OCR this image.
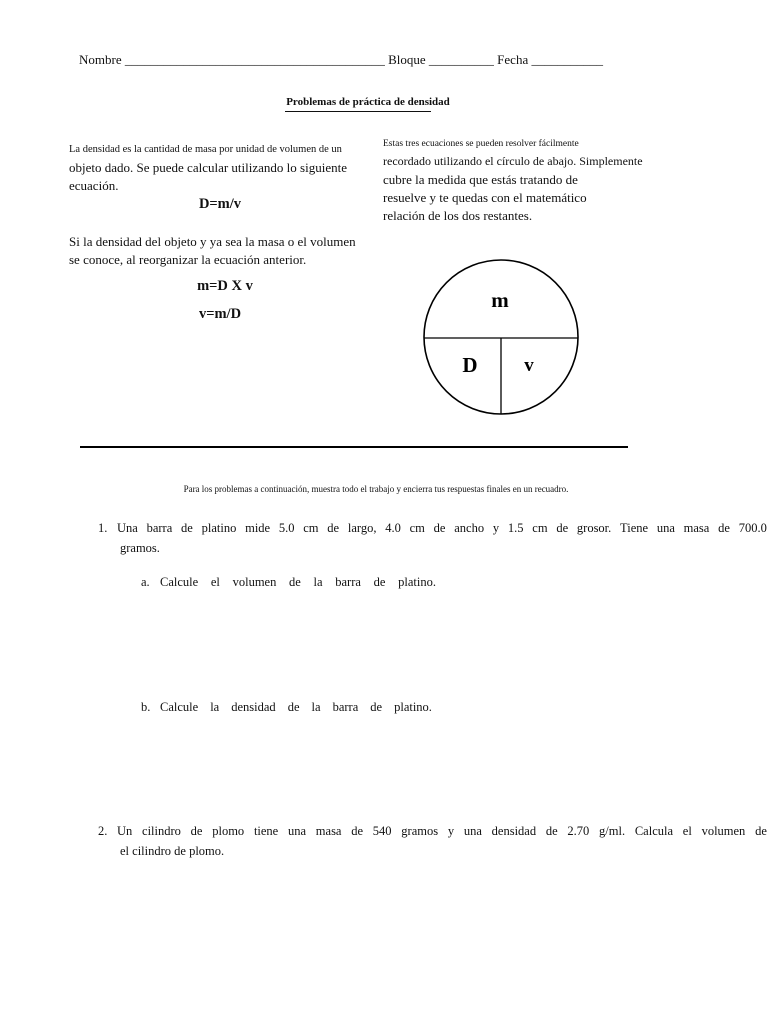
Nombre ________________________________________ Bloque __________ Fecha ___________
Problemas de práctica de densidad
La densidad es la cantidad de masa por unidad de volumen de un
objeto dado. Se puede calcular utilizando lo siguiente
ecuación.
D=m/v
Si la densidad del objeto y ya sea la masa o el volumen
se conoce, al reorganizar la ecuación anterior.
m=D X v
v=m/D
Estas tres ecuaciones se pueden resolver fácilmente
recordado utilizando el círculo de abajo. Simplemente
cubre la medida que estás tratando de
resuelve y te quedas con el matemático
relación de los dos restantes.
m
D v
Para los problemas a continuación, muestra todo el trabajo y encierra tus respuestas finales en un recuadro.
1. Una barra de platino mide 5.0 cm de largo, 4.0 cm de ancho y 1.5 cm de grosor. Tiene una masa de 700.0
gramos.
a. Calcule el volumen de la barra de platino.
b. Calcule la densidad de la barra de platino.
2. Un cilindro de plomo tiene una masa de 540 gramos y una densidad de 2.70 g/ml. Calcula el volumen de
el cilindro de plomo.
